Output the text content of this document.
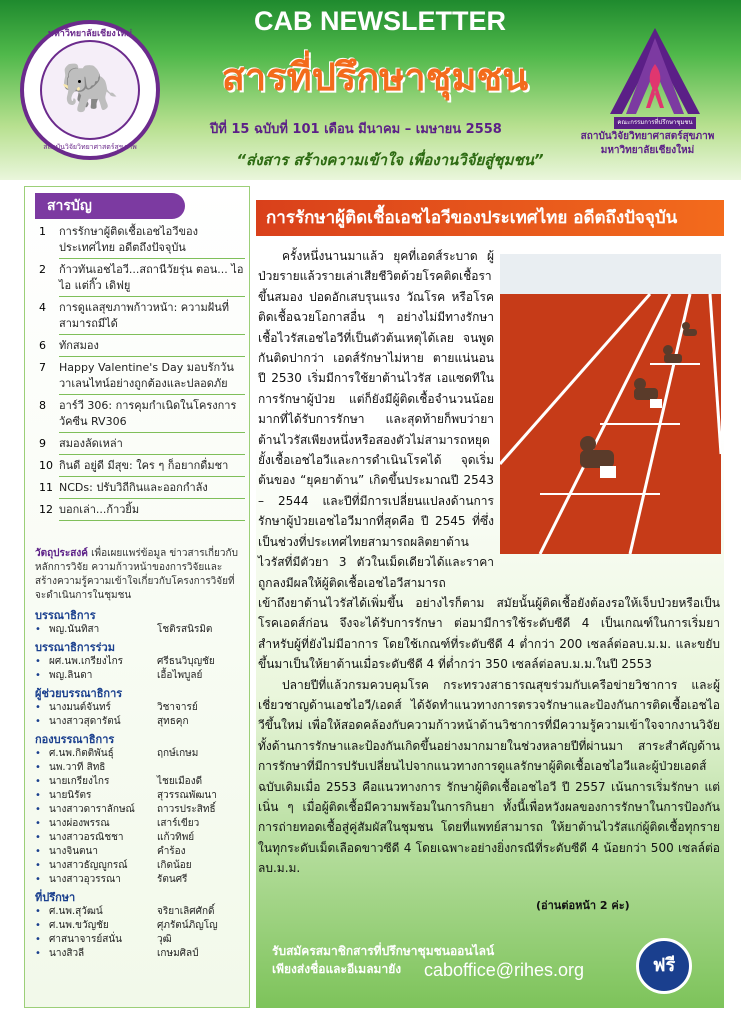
มหาวิทยาลัยเชียงใหม่
🐘
สถาบันวิจัยวิทยาศาสตร์สุขภาพ
CAB NEWSLETTER
สารที่ปรึกษาชุมชน
ปีที่ 15 ฉบับที่ 101 เดือน มีนาคม – เมษายน 2558
“ส่งสาร สร้างความเข้าใจ เพื่องานวิจัยสู่ชุมชน”
คณะกรรมการที่ปรึกษาชุมชน
สถาบันวิจัยวิทยาศาสตร์สุขภาพ
มหาวิทยาลัยเชียงใหม่
สารบัญ
1	การรักษาผู้ติดเชื้อเอชไอวีของประเทศไทย อดีตถึงปัจจุบัน
2	ก้าวทันเอชไอวี...สถานีวัยรุ่น ตอน... ไอ ไอ แต่กิ๊ว เดิฟยู
4	การดูแลสุขภาพก้าวหน้า: ความฝันที่สามารถมีได้
6	ทักสมอง
7	Happy Valentine's Day มอบรักวันวาเลนไทน์อย่างถูกต้องและปลอดภัย
8	อาร์วี 306: การคุมกำเนิดในโครงการวัคซีน RV306
9	สมองลัดเหล่า
10 กินดี อยู่ดี มีสุข: ใคร ๆ ก็อยากดื่มชา
11 NCDs: ปรับวิถีกินและออกกำลัง
12 บอกเล่า...ก้าวยิ้ม
วัตถุประสงค์ เพื่อเผยแพร่ข้อมูล ข่าวสารเกี่ยวกับหลักการวิจัย ความก้าวหน้าของการวิจัยและสร้างความรู้ความเข้าใจเกี่ยวกับโครงการวิจัยที่จะดำเนินการในชุมชน
บรรณาธิการ
• พญ.นันทิสา	โชติรสนิรมิต
บรรณาธิการร่วม
• ผศ.นพ.เกรียงไกร	ศรีธนวิบุญชัย
• พญ.ลินดา	เอื้อไพบูลย์
ผู้ช่วยบรรณาธิการ
• นางมนต์จันทร์	วิชาจารย์
• นางสาวสุดารัตน์	สุทธคุก
กองบรรณาธิการ
• ศ.นพ.กิตติพันธุ์	ฤกษ์เกษม
• นพ.วาที สิทธิ
• นายเกรียงไกร	ไชยเมืองดี
• นายนิรัตร	สุวรรณพัฒนา
• นางสาวดาราลักษณ์	ถาวรประสิทธิ์
• นางผ่องพรรณ	เสาร์เขียว
• นางสาวอรณิชชา	แก้วทิพย์
• นางจินตนา	คำร้อง
• นางสาวธัญญูกรณ์	เกิดน้อย
• นางสาวอุวรรณา	รัตนศรี
ที่ปรึกษา
• ศ.นพ.สุวัฒน์	จริยาเลิศศักดิ์
• ศ.นพ.ขวัญชัย	ศุภรัตน์ภิญโญ
• ศาสนาจารย์สนั่น	วุฒิ
• นางสิวลี	เกษมศิลป์
การรักษาผู้ติดเชื้อเอชไอวีของประเทศไทย อดีตถึงปัจจุบัน
ครั้งหนึ่งนานมาแล้ว ยุคที่เอดส์ระบาด ผู้ป่วยรายแล้วรายเล่าเสียชีวิตด้วยโรคติดเชื้อราขึ้นสมอง ปอดอักเสบรุนแรง วัณโรค หรือโรคติดเชื้อฉวยโอกาสอื่น ๆ อย่างไม่มีทางรักษาเชื้อไวรัสเอชไอวีที่เป็นตัวต้นเหตุได้เลย จนพูดกันติดปากว่า เอดส์รักษาไม่หาย ตายแน่นอน ปี 2530 เริ่มมีการใช้ยาต้านไวรัส เอแซดทีในการรักษาผู้ป่วย แต่ก็ยังมีผู้ติดเชื้อจำนวนน้อยมากที่ได้รับการรักษา และสุดท้ายก็พบว่ายาต้านไวรัสเพียงหนึ่งหรือสองตัวไม่สามารถหยุดยั้งเชื้อเอชไอวีและการดำเนินโรคได้ จุดเริ่มต้นของ “ยุคยาต้าน” เกิดขึ้นประมาณปี 2543 – 2544 และปีที่มีการเปลี่ยนแปลงด้านการรักษาผู้ป่วยเอชไอวีมากที่สุดคือ ปี 2545 ที่ซึ่งเป็นช่วงที่ประเทศไทยสามารถผลิตยาต้านไวรัสที่มีตัวยา 3 ตัวในเม็ดเดียวได้และราคาถูกลงมีผลให้ผู้ติดเชื้อเอชไอวีสามารถ
เข้าถึงยาต้านไวรัสได้เพิ่มขึ้น อย่างไรก็ตาม สมัยนั้นผู้ติดเชื้อยังต้องรอให้เจ็บป่วยหรือเป็นโรคเอดส์ก่อน จึงจะได้รับการรักษา ต่อมามีการใช้ระดับซีดี 4 เป็นเกณฑ์ในการเริ่มยาสำหรับผู้ที่ยังไม่มีอาการ โดยใช้เกณฑ์ที่ระดับซีดี 4 ต่ำกว่า 200 เซลล์ต่อลบ.ม.ม. และขยับขึ้นมาเป็นให้ยาต้านเมื่อระดับซีดี 4 ที่ต่ำกว่า 350 เซลล์ต่อลบ.ม.ม.ในปี 2553
ปลายปีที่แล้วกรมควบคุมโรค กระทรวงสาธารณสุขร่วมกับเครือข่ายวิชาการ และผู้เชี่ยวชาญด้านเอชไอวี/เอดส์ ได้จัดทำแนวทางการตรวจรักษาและป้องกันการติดเชื้อเอชไอวีขึ้นใหม่ เพื่อให้สอดคล้องกับความก้าวหน้าด้านวิชาการที่มีความรู้ความเข้าใจจากงานวิจัยทั้งด้านการรักษาและป้องกันเกิดขึ้นอย่างมากมายในช่วงหลายปีที่ผ่านมา สาระสำคัญด้านการรักษาที่มีการปรับเปลี่ยนไปจากแนวทางการดูแลรักษาผู้ติดเชื้อเอชไอวีและผู้ป่วยเอดส์ฉบับเดิมเมื่อ 2553 คือแนวทางการ รักษาผู้ติดเชื้อเอชไอวี ปี 2557 เน้นการเริ่มรักษา แต่เนิ่น ๆ เมื่อผู้ติดเชื้อมีความพร้อมในการกินยา ทั้งนี้เพื่อหวังผลของการรักษาในการป้องกันการถ่ายทอดเชื้อสู่คู่สัมผัสในชุมชน โดยที่แพทย์สามารถ ให้ยาต้านไวรัสแก่ผู้ติดเชื้อทุกรายในทุกระดับเม็ดเลือดขาวซีดี 4 โดยเฉพาะอย่างยิ่งกรณีที่ระดับซีดี 4 น้อยกว่า 500 เซลล์ต่อลบ.ม.ม.
(อ่านต่อหน้า 2 ค่ะ)
รับสมัครสมาชิกสารที่ปรึกษาชุมชนออนไลน์
เพียงส่งชื่อและอีเมลมายัง	caboffice@rihes.org	ฟรี
